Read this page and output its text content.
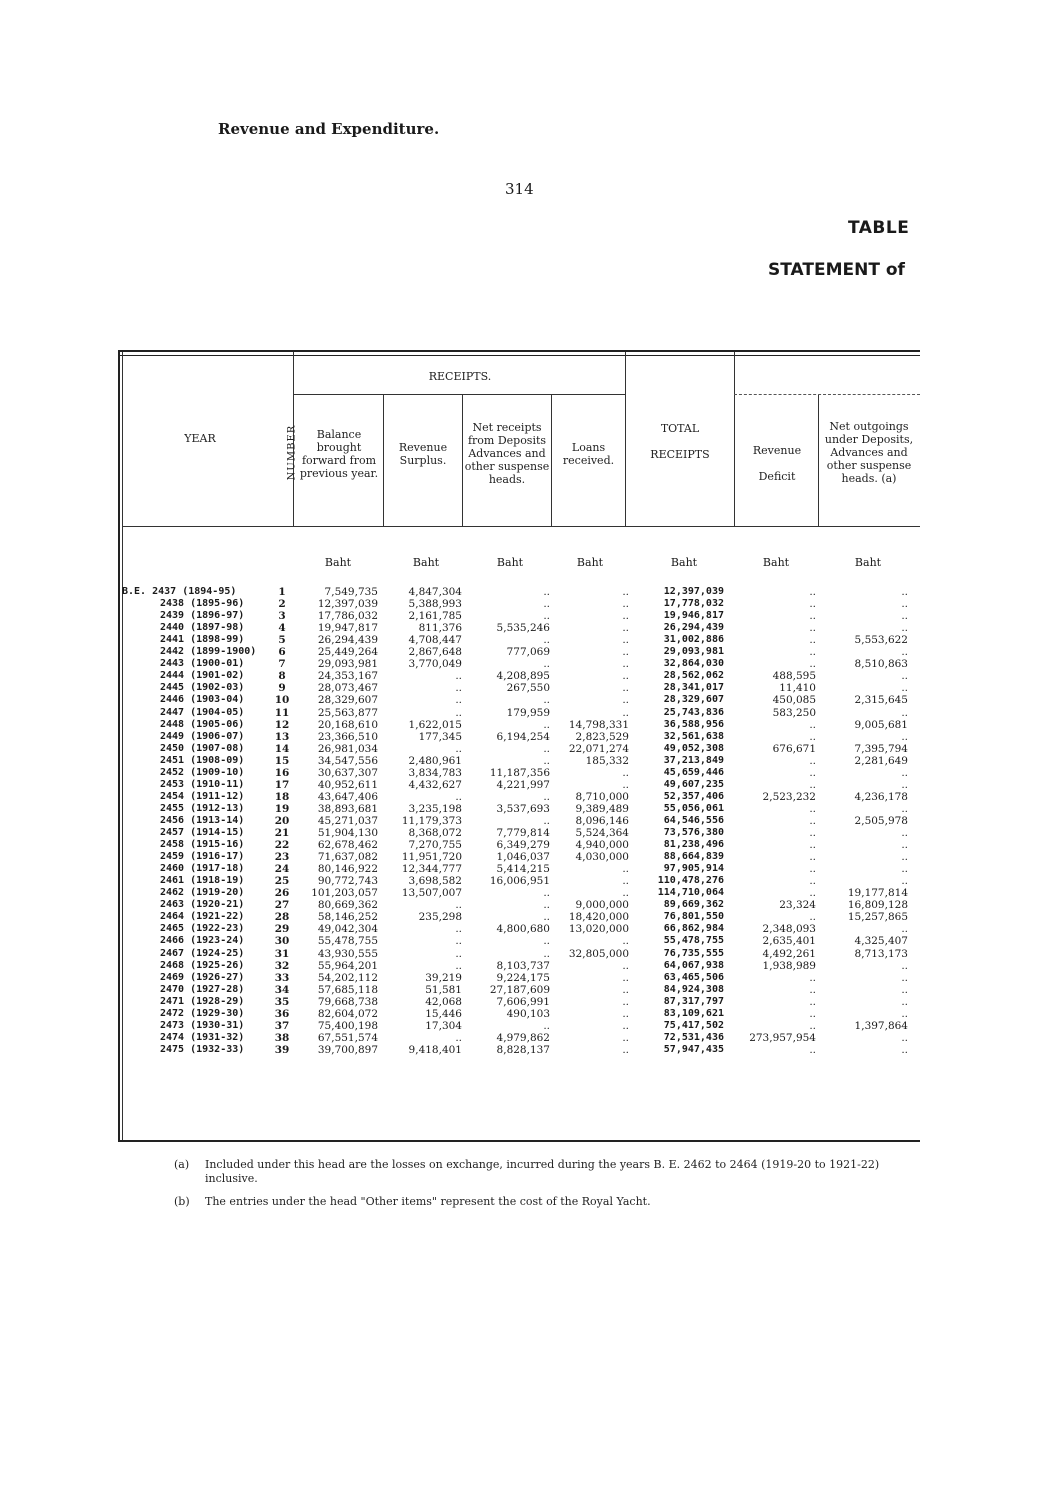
Revenue and Expenditure.
314
TABLE
STATEMENT of
YEAR	NUMBER
RECEIPTS.
Balance brought forward from previous year.
Revenue Surplus.
Net receipts from Deposits Advances and other suspense heads.
Loans received.
TOTAL RECEIPTS	Revenue Deficit
Net outgoings under Deposits, Advances and other suspense heads. (a)
Baht	Baht	Baht	Baht	Baht	Baht	Baht
B.E. 2437 (1894-95)	1	7,549,735	4,847,304	..	..	12,397,039	..	..
2438 (1895-96)	2	12,397,039	5,388,993	..	..	17,778,032	..	..
2439 (1896-97)	3	17,786,032	2,161,785	..	..	19,946,817	..	..
2440 (1897-98)	4	19,947,817	811,376	5,535,246	..	26,294,439	..	..
2441 (1898-99)	5	26,294,439	4,708,447	..	..	31,002,886	..	5,553,622
2442 (1899-1900)	6	25,449,264	2,867,648	777,069	..	29,093,981	..	..
2443 (1900-01)	7	29,093,981	3,770,049	..	..	32,864,030	..	8,510,863
2444 (1901-02)	8	24,353,167	..	4,208,895	..	28,562,062	488,595	..
2445 (1902-03)	9	28,073,467	..	267,550	..	28,341,017	11,410	..
2446 (1903-04)	10	28,329,607	..	..	..	28,329,607	450,085	2,315,645
2447 (1904-05)	11	25,563,877	..	179,959	..	25,743,836	583,250	..
2448 (1905-06)	12	20,168,610	1,622,015	..	14,798,331	36,588,956	..	9,005,681
2449 (1906-07)	13	23,366,510	177,345	6,194,254	2,823,529	32,561,638	..	..
2450 (1907-08)	14	26,981,034	..	..	22,071,274	49,052,308	676,671	7,395,794
2451 (1908-09)	15	34,547,556	2,480,961	..	185,332	37,213,849	..	2,281,649
2452 (1909-10)	16	30,637,307	3,834,783	11,187,356	..	45,659,446	..	..
2453 (1910-11)	17	40,952,611	4,432,627	4,221,997	..	49,607,235	..	..
2454 (1911-12)	18	43,647,406	..	..	8,710,000	52,357,406	2,523,232	4,236,178
2455 (1912-13)	19	38,893,681	3,235,198	3,537,693	9,389,489	55,056,061	..	..
2456 (1913-14)	20	45,271,037	11,179,373	..	8,096,146	64,546,556	..	2,505,978
2457 (1914-15)	21	51,904,130	8,368,072	7,779,814	5,524,364	73,576,380	..	..
2458 (1915-16)	22	62,678,462	7,270,755	6,349,279	4,940,000	81,238,496	..	..
2459 (1916-17)	23	71,637,082	11,951,720	1,046,037	4,030,000	88,664,839	..	..
2460 (1917-18)	24	80,146,922	12,344,777	5,414,215	..	97,905,914	..	..
2461 (1918-19)	25	90,772,743	3,698,582	16,006,951	..	110,478,276	..	..
2462 (1919-20)	26	101,203,057	13,507,007	..	..	114,710,064	..	19,177,814
2463 (1920-21)	27	80,669,362	..	..	9,000,000	89,669,362	23,324	16,809,128
2464 (1921-22)	28	58,146,252	235,298	..	18,420,000	76,801,550	..	15,257,865
2465 (1922-23)	29	49,042,304	..	4,800,680	13,020,000	66,862,984	2,348,093	..
2466 (1923-24)	30	55,478,755	..	..	..	55,478,755	2,635,401	4,325,407
2467 (1924-25)	31	43,930,555	..	..	32,805,000	76,735,555	4,492,261	8,713,173
2468 (1925-26)	32	55,964,201	..	8,103,737	..	64,067,938	1,938,989	..
2469 (1926-27)	33	54,202,112	39,219	9,224,175	..	63,465,506	..	..
2470 (1927-28)	34	57,685,118	51,581	27,187,609	..	84,924,308	..	..
2471 (1928-29)	35	79,668,738	42,068	7,606,991	..	87,317,797	..	..
2472 (1929-30)	36	82,604,072	15,446	490,103	..	83,109,621	..	..
2473 (1930-31)	37	75,400,198	17,304	..	..	75,417,502	..	1,397,864
2474 (1931-32)	38	67,551,574	..	4,979,862	..	72,531,436	273,957,954	..
2475 (1932-33)	39	39,700,897	9,418,401	8,828,137	..	57,947,435	..	..
(a)	Included under this head are the losses on exchange, incurred during the years B. E. 2462 to 2464 (1919-20 to 1921-22) inclusive.
(b)	The entries under the head "Other items" represent the cost of the Royal Yacht.
